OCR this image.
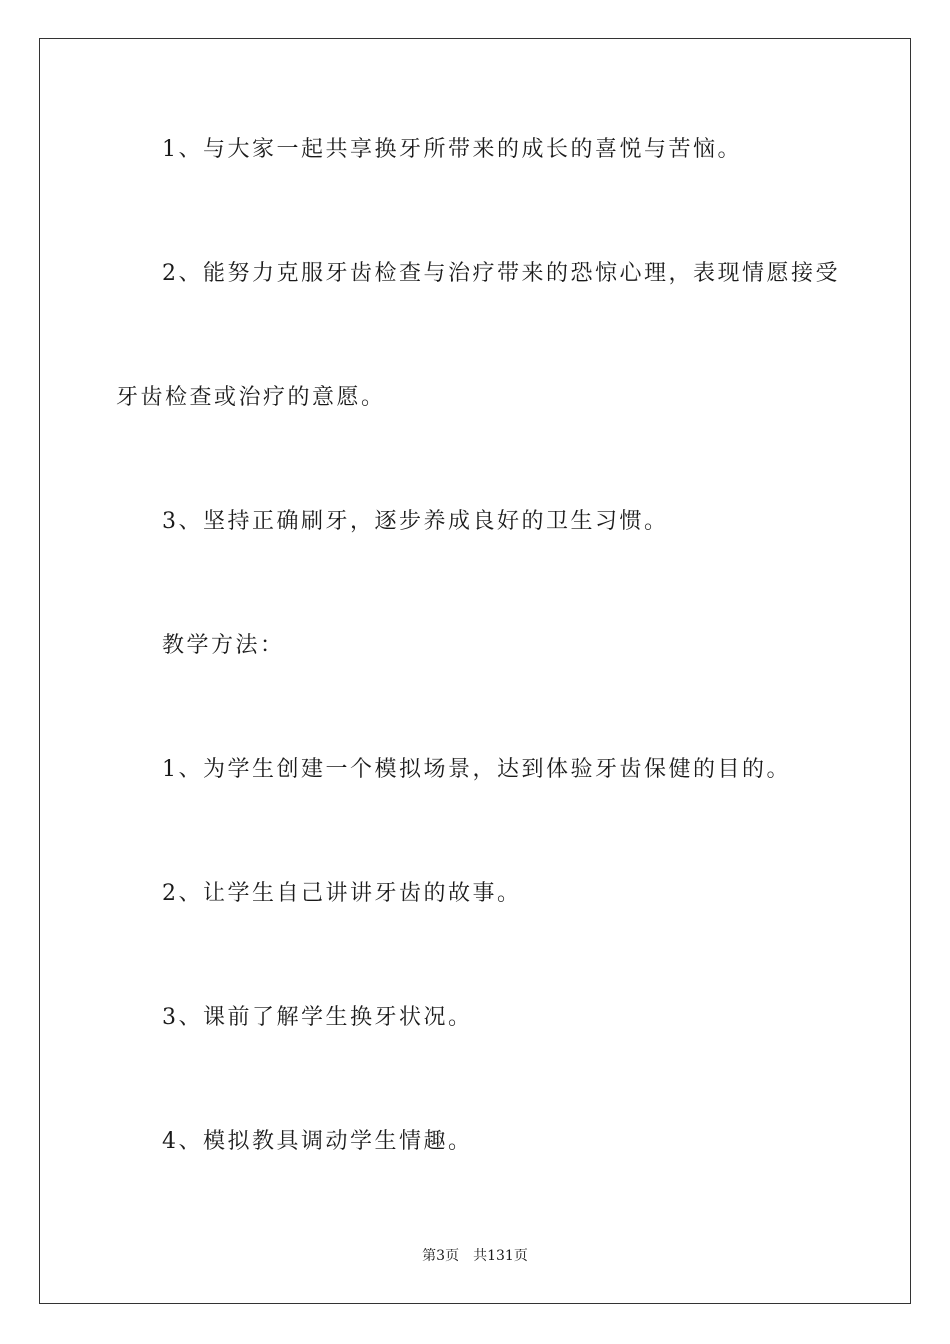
1、与大家一起共享换牙所带来的成长的喜悦与苦恼。
2、能努力克服牙齿检查与治疗带来的恐惊心理，表现情愿接受
牙齿检查或治疗的意愿。
3、坚持正确刷牙，逐步养成良好的卫生习惯。
教学方法：
1、为学生创建一个模拟场景，达到体验牙齿保健的目的。
2、让学生自己讲讲牙齿的故事。
3、课前了解学生换牙状况。
4、模拟教具调动学生情趣。
第3页 共131页
